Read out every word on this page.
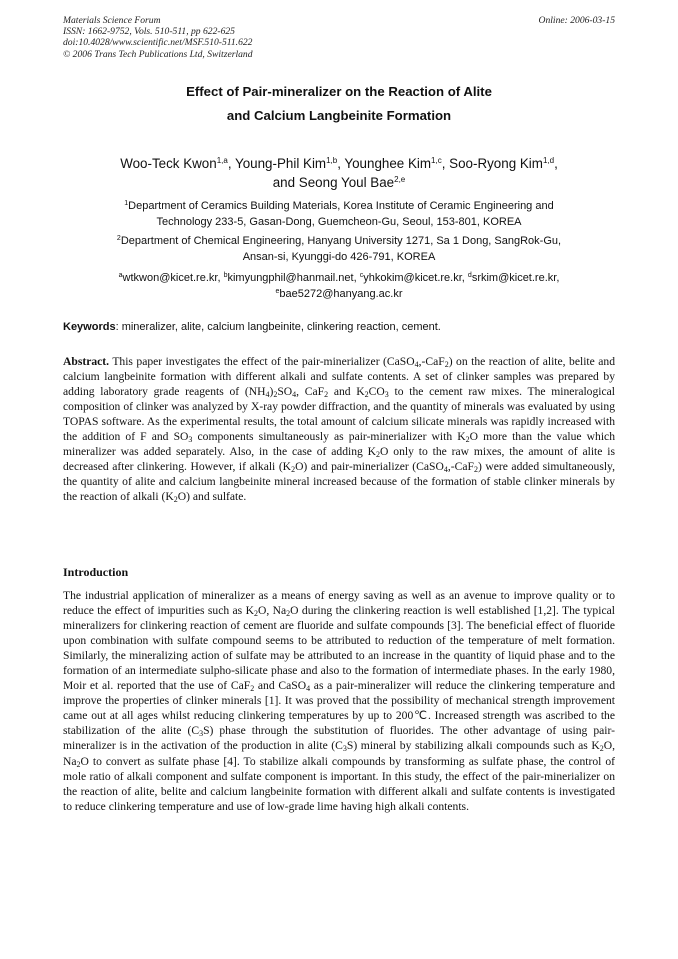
Materials Science Forum
ISSN: 1662-9752, Vols. 510-511, pp 622-625
doi:10.4028/www.scientific.net/MSF.510-511.622
© 2006 Trans Tech Publications Ltd, Switzerland
Online: 2006-03-15
Effect of Pair-mineralizer on the Reaction of Alite
and Calcium Langbeinite Formation
Woo-Teck Kwon$^{1,a}$, Young-Phil Kim$^{1,b}$, Younghee Kim$^{1,c}$, Soo-Ryong Kim$^{1,d}$,
and Seong Youl Bae$^{2,e}$
$^1$Department of Ceramics Building Materials, Korea Institute of Ceramic Engineering and
Technology 233-5, Gasan-Dong, Guemcheon-Gu, Seoul, 153-801, KOREA
$^2$Department of Chemical Engineering, Hanyang University 1271, Sa 1 Dong, SangRok-Gu,
Ansan-si, Kyunggi-do 426-791, KOREA
$^a$wtkwon@kicet.re.kr, $^b$kimyungphil@hanmail.net, $^c$yhkokim@kicet.re.kr, $^d$srkim@kicet.re.kr,
$^e$bae5272@hanyang.ac.kr
Keywords: mineralizer, alite, calcium langbeinite, clinkering reaction, cement.
Abstract. This paper investigates the effect of the pair-minerializer (CaSO$_4$,-CaF$_2$) on the reaction of alite, belite and calcium langbeinite formation with different alkali and sulfate contents. A set of clinker samples was prepared by adding laboratory grade reagents of $(NH_4)_2SO_4$, CaF$_2$ and $K_2CO_3$ to the cement raw mixes. The mineralogical composition of clinker was analyzed by X-ray powder diffraction, and the quantity of minerals was evaluated by using TOPAS software. As the experimental results, the total amount of calcium silicate minerals was rapidly increased with the addition of F and $SO_3$ components simultaneously as pair-minerializer with $K_2O$ more than the value which mineralizer was added separately. Also, in the case of adding $K_2O$ only to the raw mixes, the amount of alite is decreased after clinkering. However, if alkali $(K_2O)$ and pair-minerializer (CaSO$_4$,-CaF$_2$) were added simultaneously, the quantity of alite and calcium langbeinite mineral increased because of the formation of stable clinker minerals by the reaction of alkali $(K_2O)$ and sulfate.
Introduction
The industrial application of mineralizer as a means of energy saving as well as an avenue to improve quality or to reduce the effect of impurities such as $K_2O$, $Na_2O$ during the clinkering reaction is well established [1,2]. The typical mineralizers for clinkering reaction of cement are fluoride and sulfate compounds [3]. The beneficial effect of fluoride upon combination with sulfate compound seems to be attributed to reduction of the temperature of melt formation. Similarly, the mineralizing action of sulfate may be attributed to an increase in the quantity of liquid phase and to the formation of an intermediate sulpho-silicate phase and also to the formation of intermediate phases. In the early 1980, Moir et al. reported that the use of CaF$_2$ and CaSO$_4$ as a pair-mineralizer will reduce the clinkering temperature and improve the properties of clinker minerals [1]. It was proved that the possibility of mechanical strength improvement came out at all ages whilst reducing clinkering temperatures by up to 200℃. Increased strength was ascribed to the stabilization of the alite $(C_3S)$ phase through the substitution of fluorides. The other advantage of using pair-mineralizer is in the activation of the production in alite $(C_3S)$ mineral by stabilizing alkali compounds such as $K_2O$, $Na_2O$ to convert as sulfate phase [4]. To stabilize alkali compounds by transforming as sulfate phase, the control of mole ratio of alkali component and sulfate component is important. In this study, the effect of the pair-minerializer on the reaction of alite, belite and calcium langbeinite formation with different alkali and sulfate contents is investigated to reduce clinkering temperature and use of low-grade lime having high alkali contents.
